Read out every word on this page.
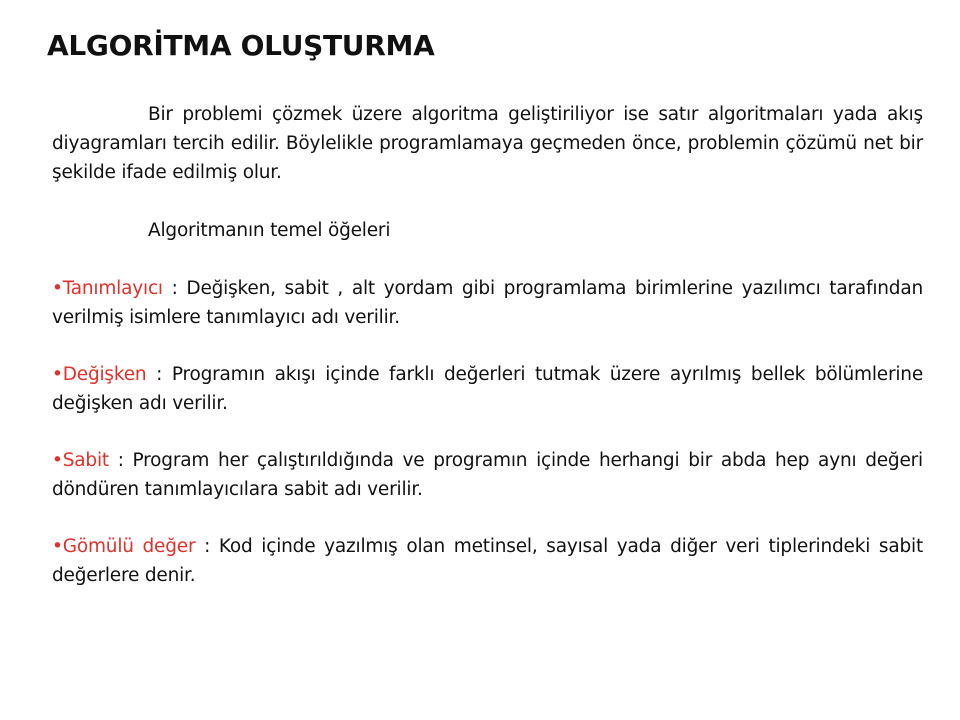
ALGORİTMA OLUŞTURMA

Bir problemi çözmek üzere algoritma geliştiriliyor ise satır algoritmaları yada akış diyagramları tercih edilir. Böylelikle programlamaya geçmeden önce, problemin çözümü net bir şekilde ifade edilmiş olur.

Algoritmanın temel öğeleri

•Tanımlayıcı : Değişken, sabit , alt yordam gibi programlama birimlerine yazılımcı tarafından verilmiş isimlere tanımlayıcı adı verilir.

•Değişken : Programın akışı içinde farklı değerleri tutmak üzere ayrılmış bellek bölümlerine değişken adı verilir.

•Sabit : Program her çalıştırıldığında ve programın içinde herhangi bir abda hep aynı değeri döndüren tanımlayıcılara sabit adı verilir.

•Gömülü değer : Kod içinde yazılmış olan metinsel, sayısal yada diğer veri tiplerindeki sabit değerlere denir.
